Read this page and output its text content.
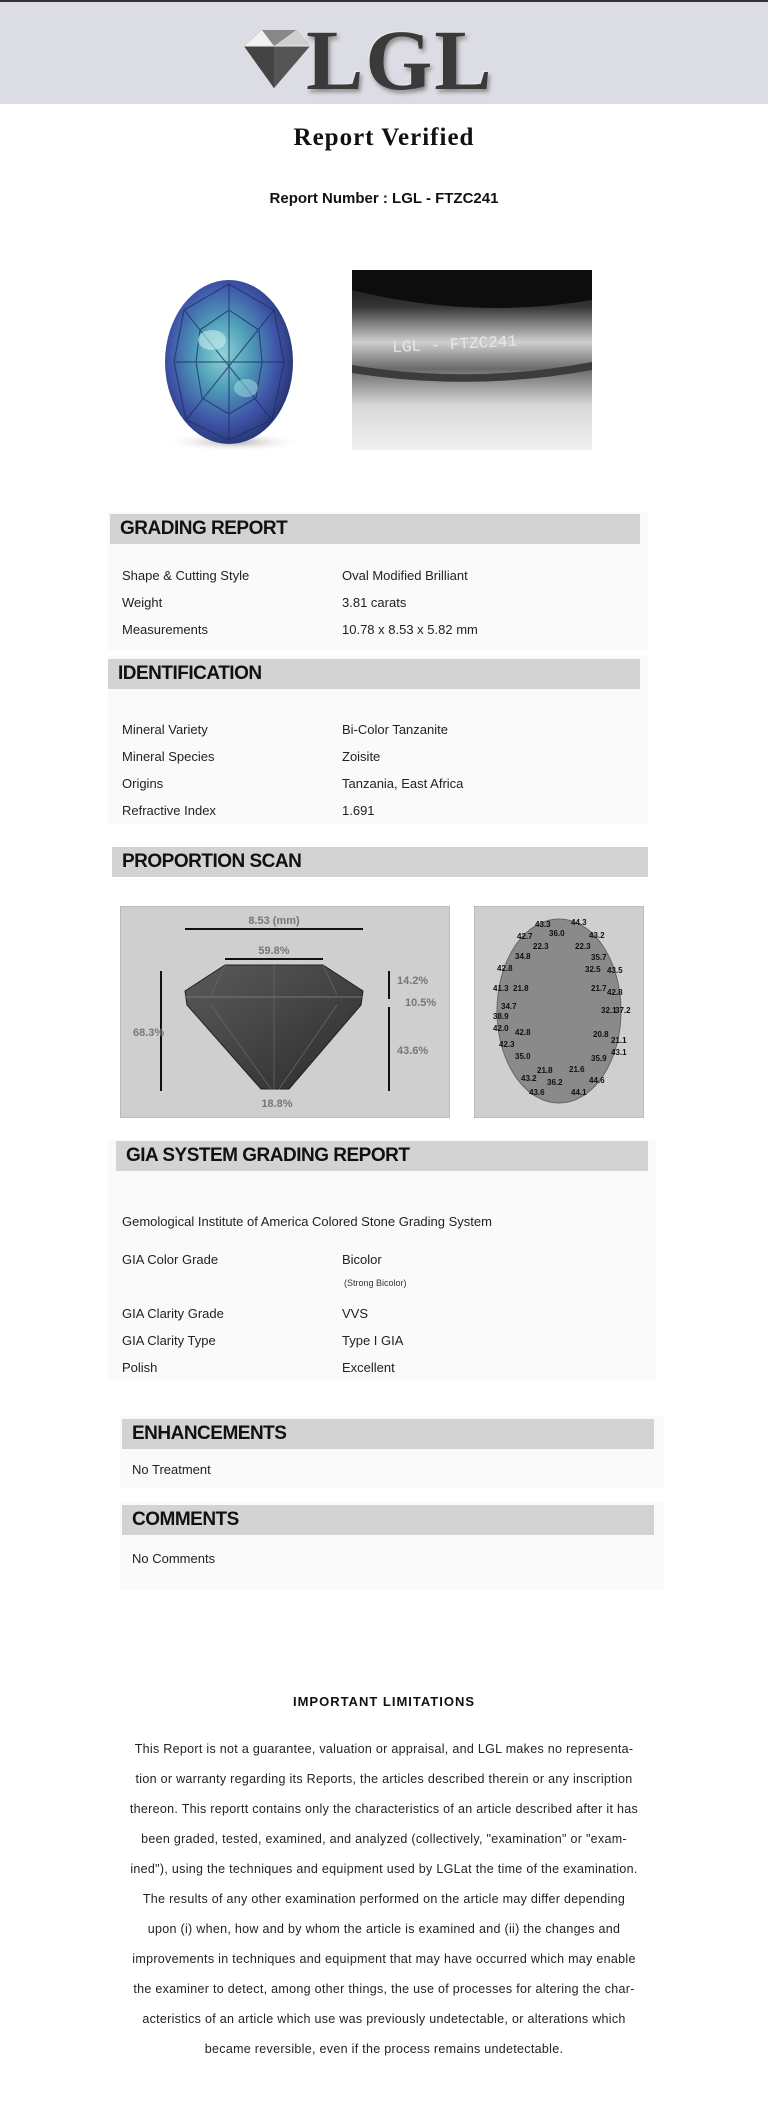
LGL
Report Verified
Report Number : LGL - FTZC241
LGL - FTZC241
GRADING REPORT
Shape & Cutting Style	Oval Modified Brilliant
Weight	3.81 carats
Measurements	10.78 x 8.53 x 5.82 mm
IDENTIFICATION
Mineral Variety	Bi-Color Tanzanite
Mineral Species	Zoisite
Origins	Tanzania, East Africa
Refractive Index	1.691
PROPORTION SCAN
8.53 (mm)
59.8%
68.3%
14.2%
10.5%
43.6%
18.8%
43.3	44.3
42.7 36.0	43.2
22.3	22.3
34.8	35.7
42.8	32.5 43.5
41.3 21.8	21.7 42.8
34.7
38.9
32.1
37.2
42.0 42.8	20.8
21.1
42.3
43.1
35.0	35.9
21.8 21.6
43.2 36.2	44.6
43.6	44.1
GIA SYSTEM GRADING REPORT
Gemological Institute of America Colored Stone Grading System
GIA Color Grade	Bicolor
(Strong Bicolor)
GIA Clarity Grade	VVS
GIA Clarity Type	Type I GIA
Polish	Excellent
ENHANCEMENTS
No Treatment
COMMENTS
No Comments
IMPORTANT LIMITATIONS
This Report is not a guarantee, valuation or appraisal, and LGL makes no representa-
tion or warranty regarding its Reports, the articles described therein or any inscription
thereon. This reportt contains only the characteristics of an article described after it has
been graded, tested, examined, and analyzed (collectively, "examination" or "exam-
ined"), using the techniques and equipment used by LGLat the time of the examination.
The results of any other examination performed on the article may differ depending
upon (i) when, how and by whom the article is examined and (ii) the changes and
improvements in techniques and equipment that may have occurred which may enable
the examiner to detect, among other things, the use of processes for altering the char-
acteristics of an article which use was previously undetectable, or alterations which
became reversible, even if the process remains undetectable.
